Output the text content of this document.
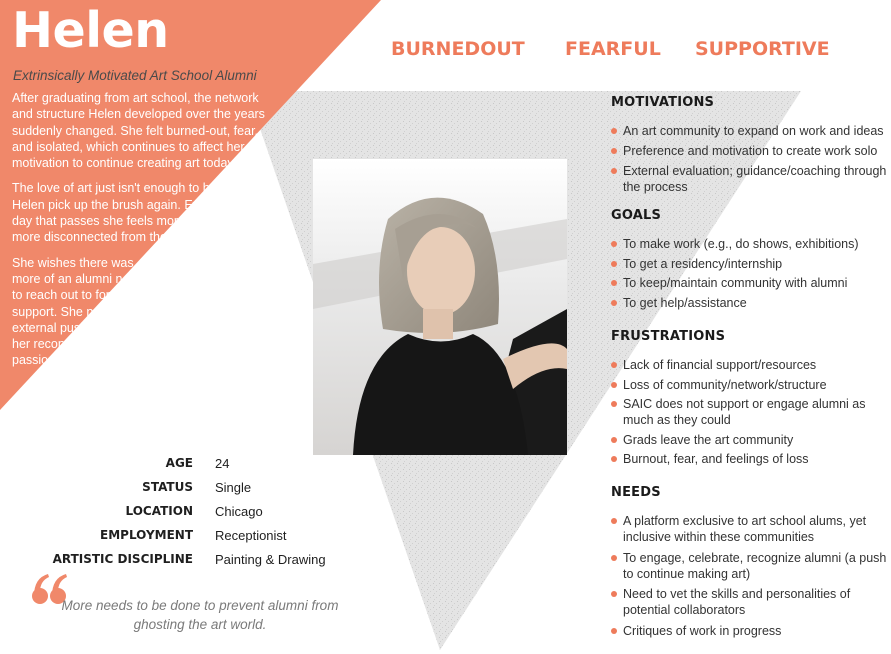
Helen
Extrinsically Motivated Art School Alumni

After graduating from art school, the network and structure Helen developed over the years suddenly changed. She felt burned-out, fear, and isolated, which continues to affect her motivation to continue creating art today.

The love of art just isn't enough to help Helen pick up the brush again. Every day that passes she feels more and more disconnected from the art world.

She wishes there was more of an alumni network to reach out to for help and support. She needs an external push to help get her reconnected to her passion.

BURNEDOUT FEARFUL SUPPORTIVE
AGE	24
STATUS	Single
LOCATION	Chicago
EMPLOYMENT	Receptionist
ARTISTIC DISCIPLINE	Painting & Drawing
More needs to be done to prevent alumni from ghosting the art world.
MOTIVATIONS
An art community to expand on work and ideas
Preference and motivation to create work solo
External evaluation; guidance/coaching through the process
GOALS
To make work (e.g., do shows, exhibitions)
To get a residency/internship
To keep/maintain community with alumni
To get help/assistance
FRUSTRATIONS
Lack of financial support/resources
Loss of community/network/structure
SAIC does not support or engage alumni as much as they could
Grads leave the art community
Burnout, fear, and feelings of loss
NEEDS
A platform exclusive to art school alums, yet inclusive within these communities
To engage, celebrate, recognize alumni (a push to continue making art)
Need to vet the skills and personalities of potential collaborators
Critiques of work in progress
